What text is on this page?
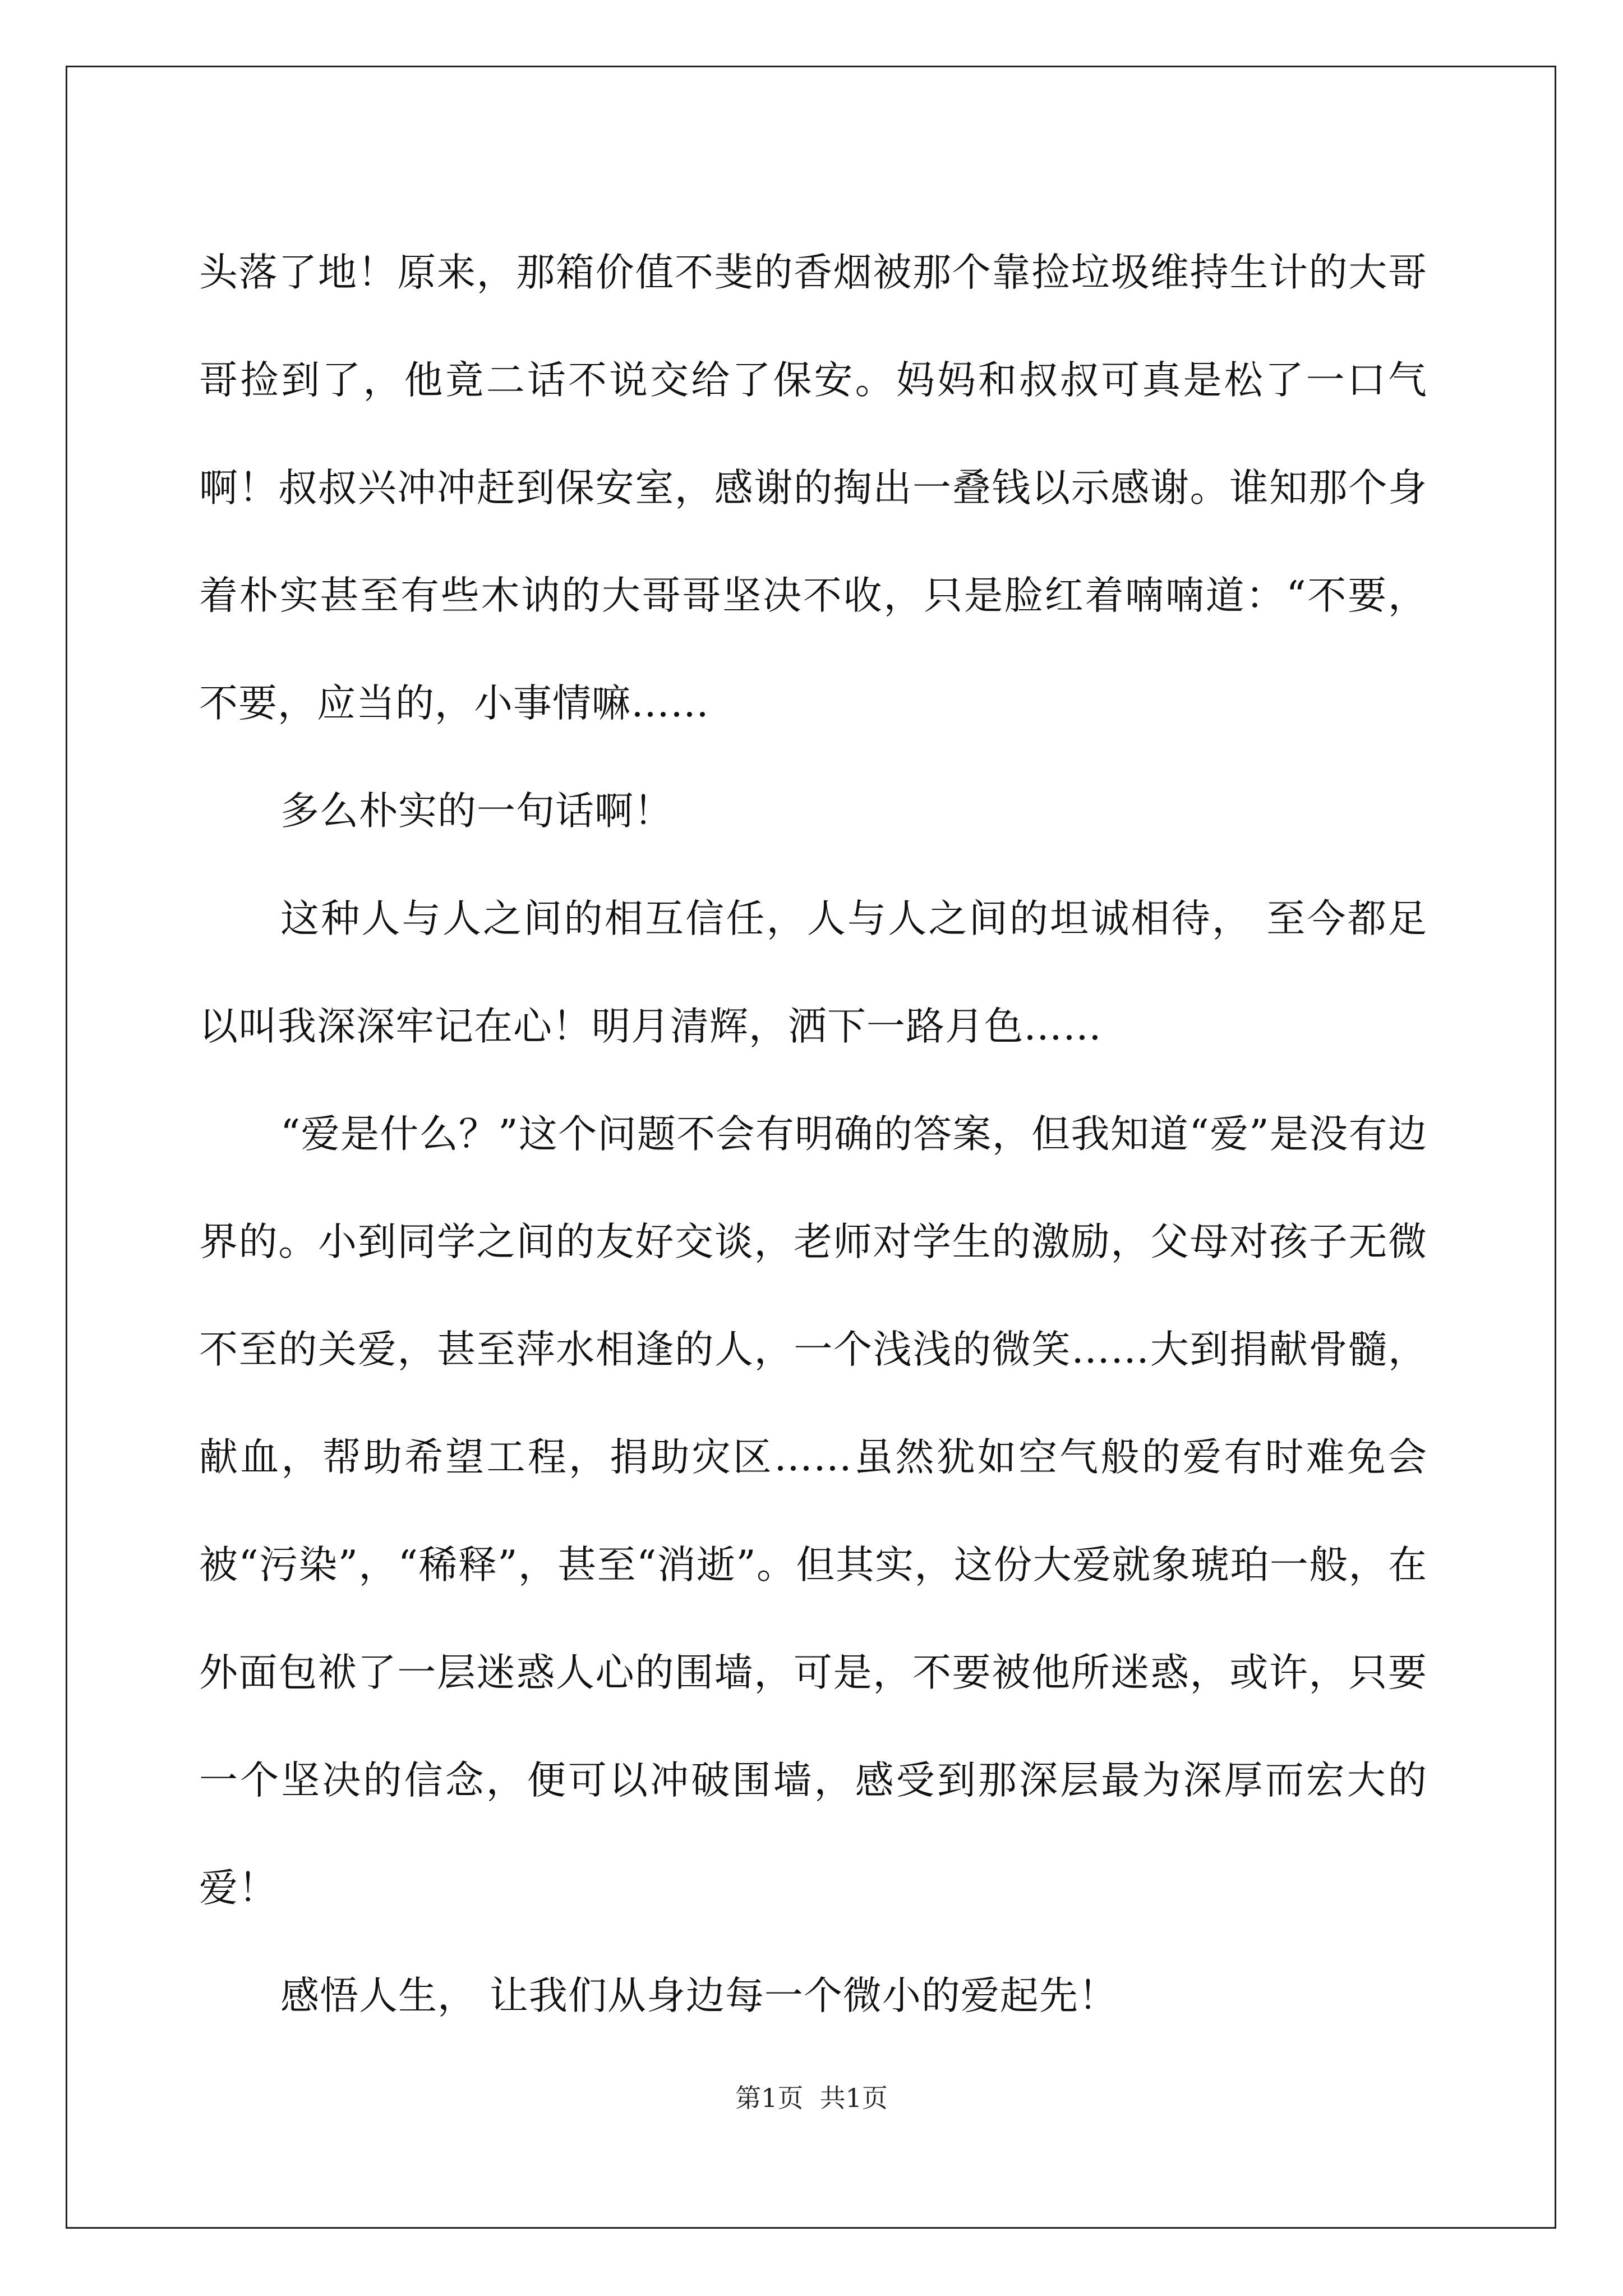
头落了地！原来，那箱价值不斐的香烟被那个靠捡垃圾维持生计的大哥哥捡到了，他竟二话不说交给了保安。妈妈和叔叔可真是松了一口气啊！叔叔兴冲冲赶到保安室，感谢的掏出一叠钱以示感谢。谁知那个身着朴实甚至有些木讷的大哥哥坚决不收，只是脸红着喃喃道：“不要，不要，应当的，小事情嘛……

多么朴实的一句话啊！

这种人与人之间的相互信任，人与人之间的坦诚相待， 至今都足以叫我深深牢记在心！明月清辉，洒下一路月色……

“爱是什么？”这个问题不会有明确的答案，但我知道“爱”是没有边界的。小到同学之间的友好交谈，老师对学生的激励，父母对孩子无微不至的关爱，甚至萍水相逢的人，一个浅浅的微笑……大到捐献骨髓，献血，帮助希望工程，捐助灾区……虽然犹如空气般的爱有时难免会被“污染”，“稀释”，甚至“消逝”。但其实，这份大爱就象琥珀一般，在外面包袱了一层迷惑人心的围墙，可是，不要被他所迷惑，或许，只要一个坚决的信念，便可以冲破围墙，感受到那深层最为深厚而宏大的爱！

感悟人生， 让我们从身边每一个微小的爱起先！

第1页  共1页
